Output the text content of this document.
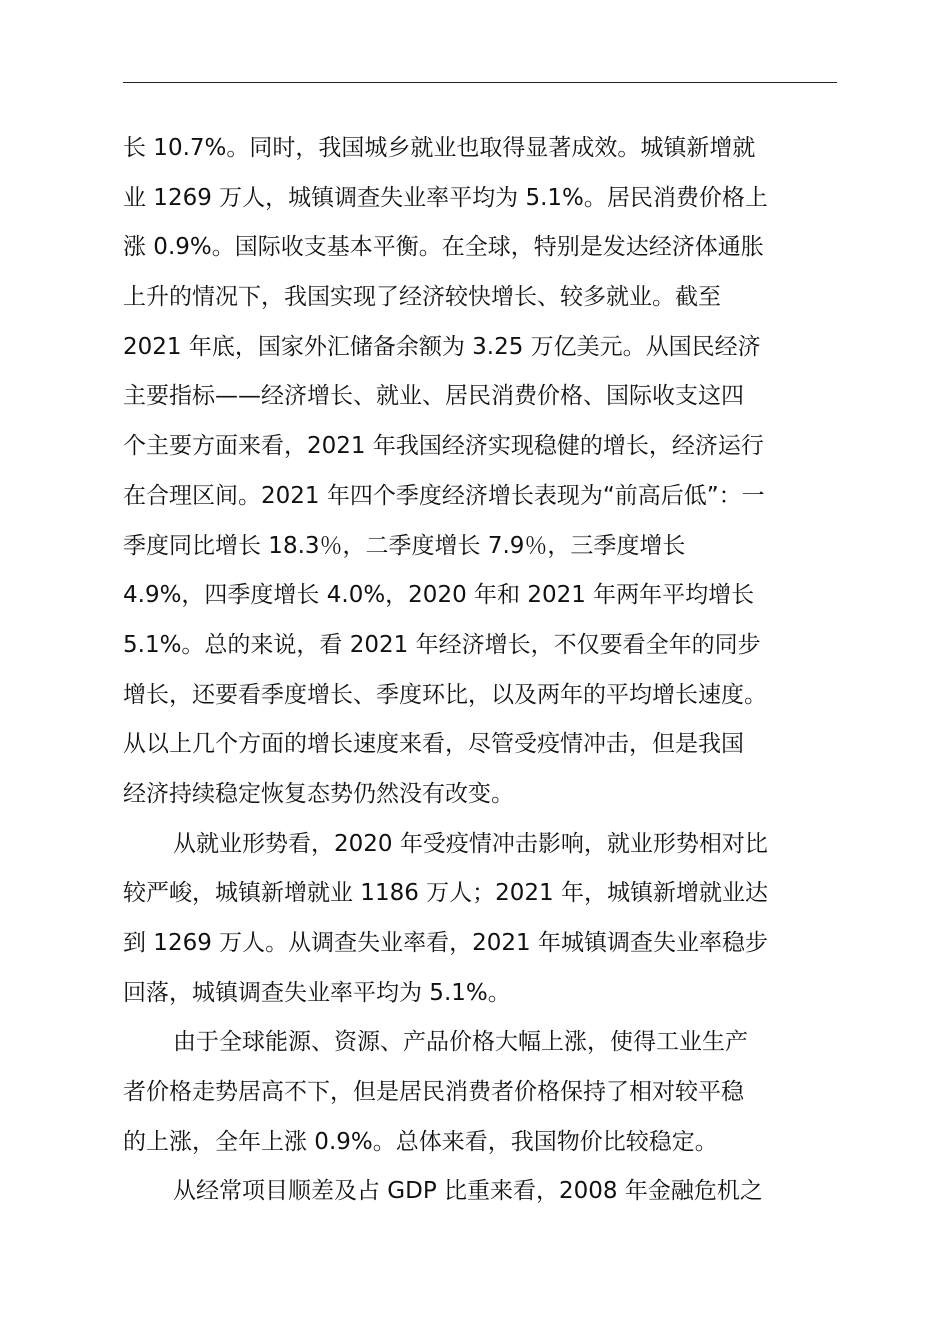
长 10.7%。同时，我国城乡就业也取得显著成效。城镇新增就
业 1269 万人，城镇调查失业率平均为 5.1%。居民消费价格上
涨 0.9%。国际收支基本平衡。在全球，特别是发达经济体通胀
上升的情况下，我国实现了经济较快增长、较多就业。截至
2021 年底，国家外汇储备余额为 3.25 万亿美元。从国民经济
主要指标——经济增长、就业、居民消费价格、国际收支这四
个主要方面来看，2021 年我国经济实现稳健的增长，经济运行
在合理区间。2021 年四个季度经济增长表现为“前高后低”：一
季度同比增长 18.3％，二季度增长 7.9％，三季度增长
4.9%，四季度增长 4.0%，2020 年和 2021 年两年平均增长
5.1%。总的来说，看 2021 年经济增长，不仅要看全年的同步
增长，还要看季度增长、季度环比，以及两年的平均增长速度。
从以上几个方面的增长速度来看，尽管受疫情冲击，但是我国
经济持续稳定恢复态势仍然没有改变。
从就业形势看，2020 年受疫情冲击影响，就业形势相对比
较严峻，城镇新增就业 1186 万人；2021 年，城镇新增就业达
到 1269 万人。从调查失业率看，2021 年城镇调查失业率稳步
回落，城镇调查失业率平均为 5.1%。
由于全球能源、资源、产品价格大幅上涨，使得工业生产
者价格走势居高不下，但是居民消费者价格保持了相对较平稳
的上涨，全年上涨 0.9%。总体来看，我国物价比较稳定。
从经常项目顺差及占 GDP 比重来看，2008 年金融危机之
